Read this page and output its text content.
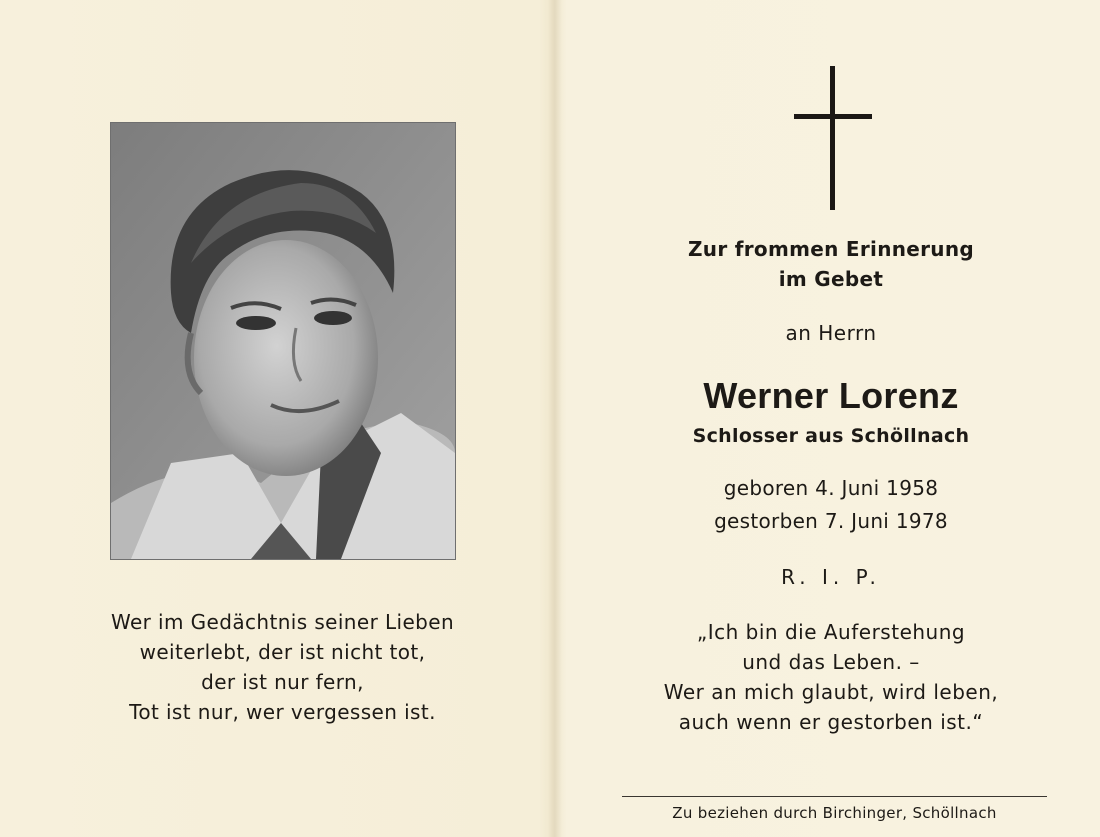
Wer im Gedächtnis seiner Lieben
weiterlebt, der ist nicht tot,
der ist nur fern,
Tot ist nur, wer vergessen ist.
Zur frommen Erinnerung
im Gebet
an Herrn
Werner Lorenz
Schlosser aus Schöllnach
geboren 4. Juni 1958
gestorben 7. Juni 1978
R. I. P.
„Ich bin die Auferstehung
und das Leben. –
Wer an mich glaubt, wird leben,
auch wenn er gestorben ist.“
Zu beziehen durch Birchinger, Schöllnach
